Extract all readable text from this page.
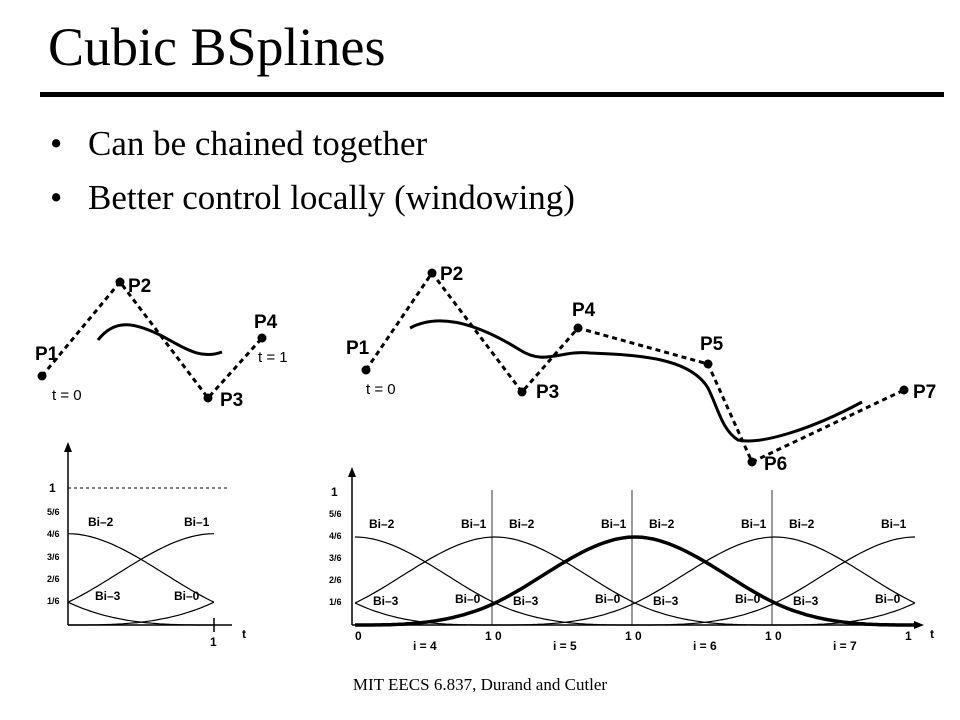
Cubic BSplines
• Can be chained together
• Better control locally (windowing)
P1
P2
P3
P4
t = 0
t = 1	P1
P2
P3
P4
P5
P6
P7
t = 0
1
t
1
5/6
4/6
3/6
2/6
1/6
Bi–2	Bi–1
Bi–3	Bi–0
t
1
5/6
4/6
3/6
2/6
1/6
0	1
i = 4
Bi–2	Bi–1
Bi–3	Bi–0
0	1
i = 5
Bi–2	Bi–1
Bi–3	Bi–0
0	1
i = 6
Bi–2	Bi–1
Bi–3	Bi–0
0	1
i = 7
Bi–2	Bi–1
Bi–3	Bi–0
MIT EECS 6.837, Durand and Cutler
